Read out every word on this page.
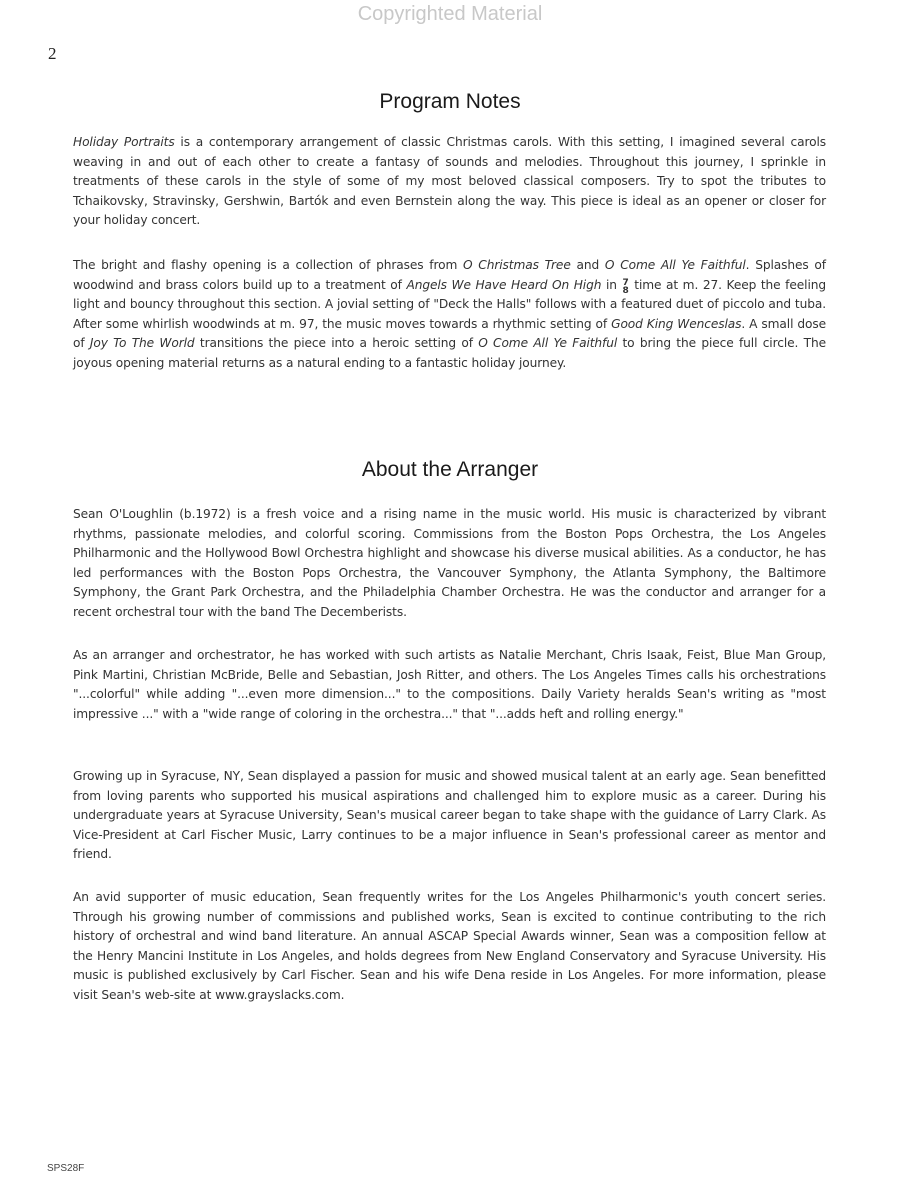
Copyrighted Material
2
Program Notes

Holiday Portraits is a contemporary arrangement of classic Christmas carols. With this setting, I imagined several carols weaving in and out of each other to create a fantasy of sounds and melodies. Throughout this journey, I sprinkle in treatments of these carols in the style of some of my most beloved classical composers. Try to spot the tributes to Tchaikovsky, Stravinsky, Gershwin, Bartók and even Bernstein along the way. This piece is ideal as an opener or closer for your holiday concert.

The bright and flashy opening is a collection of phrases from O Christmas Tree and O Come All Ye Faithful. Splashes of woodwind and brass colors build up to a treatment of Angels We Have Heard On High in 7
8 time at m. 27. Keep the feeling light and bouncy throughout this section. A jovial setting of "Deck the Halls" follows with a featured duet of piccolo and tuba. After some whirlish woodwinds at m. 97, the music moves towards a rhythmic setting of Good King Wenceslas. A small dose of Joy To The World transitions the piece into a heroic setting of O Come All Ye Faithful to bring the piece full circle. The joyous opening material returns as a natural ending to a fantastic holiday journey.

About the Arranger

Sean O'Loughlin (b.1972) is a fresh voice and a rising name in the music world. His music is characterized by vibrant rhythms, passionate melodies, and colorful scoring. Commissions from the Boston Pops Orchestra, the Los Angeles Philharmonic and the Hollywood Bowl Orchestra highlight and showcase his diverse musical abilities. As a conductor, he has led performances with the Boston Pops Orchestra, the Vancouver Symphony, the Atlanta Symphony, the Baltimore Symphony, the Grant Park Orchestra, and the Philadelphia Chamber Orchestra. He was the conductor and arranger for a recent orchestral tour with the band The Decemberists.

As an arranger and orchestrator, he has worked with such artists as Natalie Merchant, Chris Isaak, Feist, Blue Man Group, Pink Martini, Christian McBride, Belle and Sebastian, Josh Ritter, and others. The Los Angeles Times calls his orchestrations "...colorful" while adding "...even more dimension..." to the compositions. Daily Variety heralds Sean's writing as "most impressive ..." with a "wide range of coloring in the orchestra..." that "...adds heft and rolling energy."

Growing up in Syracuse, NY, Sean displayed a passion for music and showed musical talent at an early age. Sean benefitted from loving parents who supported his musical aspirations and challenged him to explore music as a career. During his undergraduate years at Syracuse University, Sean's musical career began to take shape with the guidance of Larry Clark. As Vice-President at Carl Fischer Music, Larry continues to be a major influence in Sean's professional career as mentor and friend.

An avid supporter of music education, Sean frequently writes for the Los Angeles Philharmonic's youth concert series. Through his growing number of commissions and published works, Sean is excited to continue contributing to the rich history of orchestral and wind band literature. An annual ASCAP Special Awards winner, Sean was a composition fellow at the Henry Mancini Institute in Los Angeles, and holds degrees from New England Conservatory and Syracuse University. His music is published exclusively by Carl Fischer. Sean and his wife Dena reside in Los Angeles. For more information, please visit Sean's web-site at www.grayslacks.com.

SPS28F
